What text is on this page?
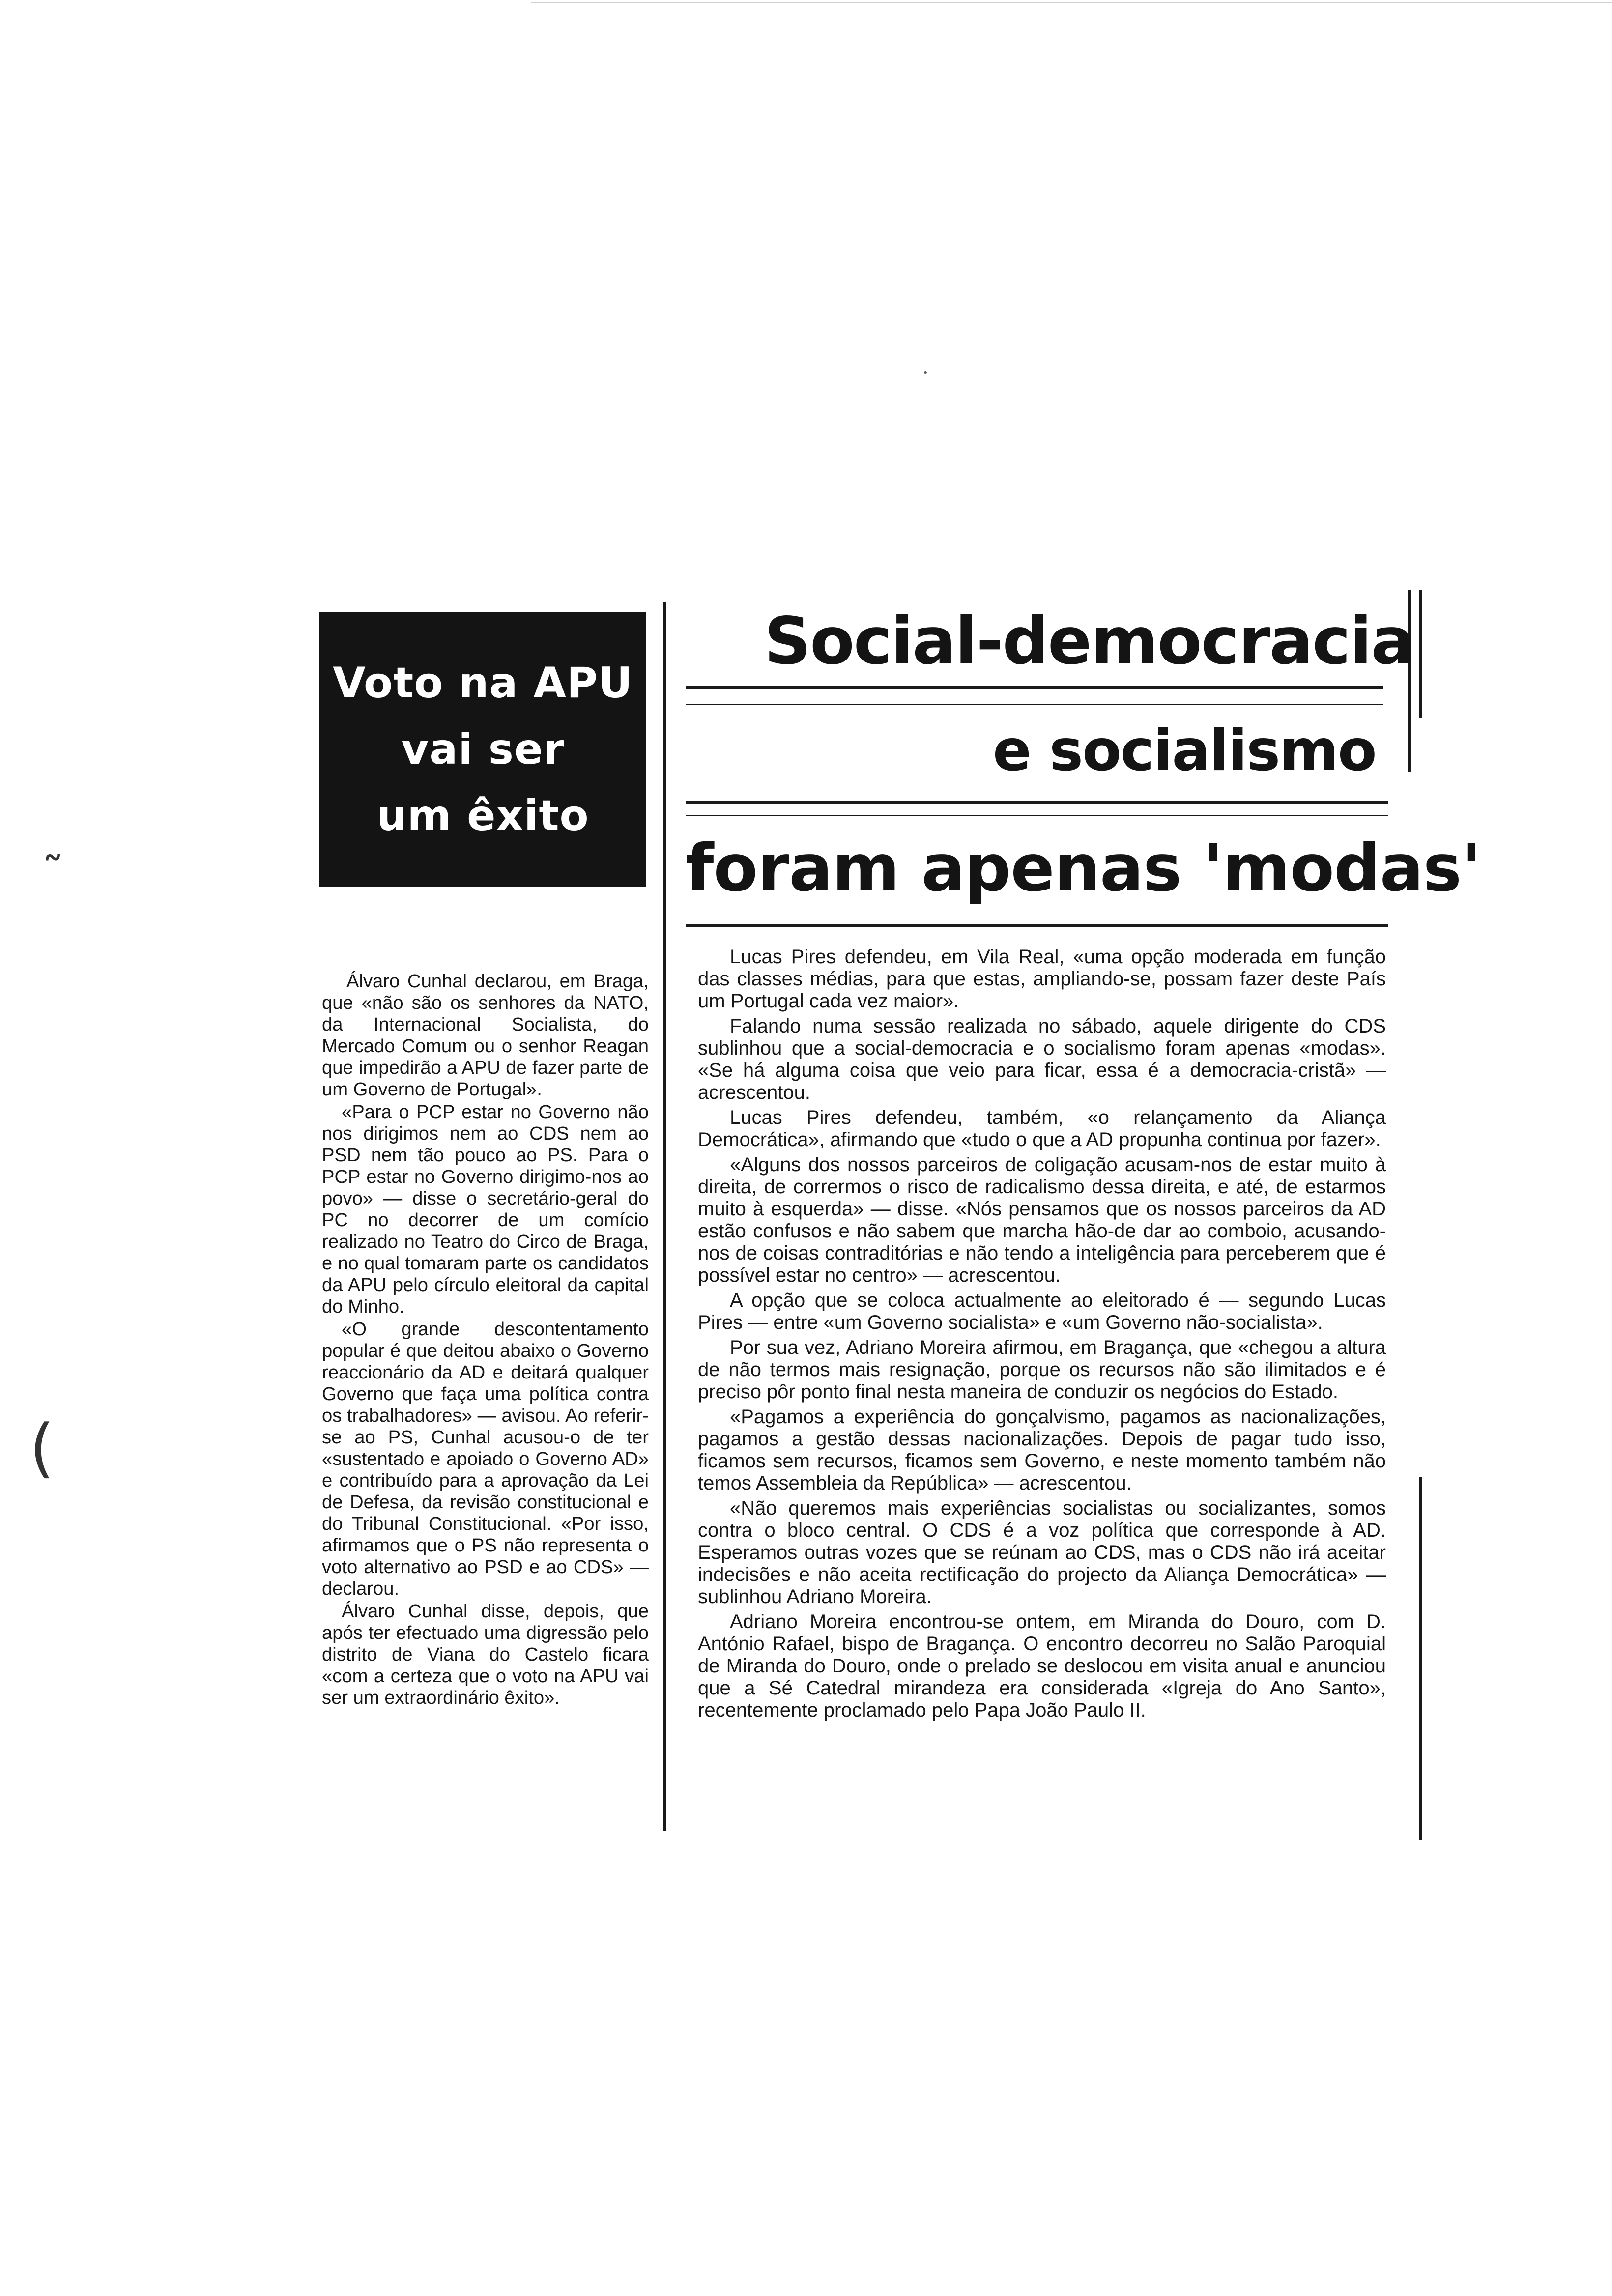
˷
(
Voto na APU
vai ser
um êxito

Álvaro Cunhal declarou, em Braga, que «não são os senhores da NATO, da Internacional Socialista, do Mercado Comum ou o senhor Reagan que impedirão a APU de fazer parte de um Governo de Portugal».

«Para o PCP estar no Governo não nos dirigimos nem ao CDS nem ao PSD nem tão pouco ao PS. Para o PCP estar no Governo dirigimo-nos ao povo» — disse o secretário-geral do PC no decorrer de um comício realizado no Teatro do Circo de Braga, e no qual tomaram parte os candidatos da APU pelo círculo eleitoral da capital do Minho.

«O grande descontentamento popular é que deitou abaixo o Governo reaccionário da AD e deitará qualquer Governo que faça uma política contra os trabalhadores» — avisou. Ao referir-se ao PS, Cunhal acusou-o de ter «sustentado e apoiado o Governo AD» e contribuído para a aprovação da Lei de Defesa, da revisão constitucional e do Tribunal Constitucional. «Por isso, afirmamos que o PS não representa o voto alternativo ao PSD e ao CDS» — declarou.

Álvaro Cunhal disse, depois, que após ter efectuado uma digressão pelo distrito de Viana do Castelo ficara «com a certeza que o voto na APU vai ser um extraordinário êxito».

Social-democracia
e socialismo
foram apenas 'modas'

Lucas Pires defendeu, em Vila Real, «uma opção moderada em função das classes médias, para que estas, ampliando-se, possam fazer deste País um Portugal cada vez maior».

Falando numa sessão realizada no sábado, aquele dirigente do CDS sublinhou que a social-democracia e o socialismo foram apenas «modas». «Se há alguma coisa que veio para ficar, essa é a democracia-cristã» — acrescentou.

Lucas Pires defendeu, também, «o relançamento da Aliança Democrática», afirmando que «tudo o que a AD propunha continua por fazer».

«Alguns dos nossos parceiros de coligação acusam-nos de estar muito à direita, de corrermos o risco de radicalismo dessa direita, e até, de estarmos muito à esquerda» — disse. «Nós pensamos que os nossos parceiros da AD estão confusos e não sabem que marcha hão-de dar ao comboio, acusando-nos de coisas contraditórias e não tendo a inteligência para perceberem que é possível estar no centro» — acrescentou.

A opção que se coloca actualmente ao eleitorado é — segundo Lucas Pires — entre «um Governo socialista» e «um Governo não-socialista».

Por sua vez, Adriano Moreira afirmou, em Bragança, que «chegou a altura de não termos mais resignação, porque os recursos não são ilimitados e é preciso pôr ponto final nesta maneira de conduzir os negócios do Estado.

«Pagamos a experiência do gonçalvismo, pagamos as nacionalizações, pagamos a gestão dessas nacionalizações. Depois de pagar tudo isso, ficamos sem recursos, ficamos sem Governo, e neste momento também não temos Assembleia da República» — acrescentou.

«Não queremos mais experiências socialistas ou socializantes, somos contra o bloco central. O CDS é a voz política que corresponde à AD. Esperamos outras vozes que se reúnam ao CDS, mas o CDS não irá aceitar indecisões e não aceita rectificação do projecto da Aliança Democrática» — sublinhou Adriano Moreira.

Adriano Moreira encontrou-se ontem, em Miranda do Douro, com D. António Rafael, bispo de Bragança. O encontro decorreu no Salão Paroquial de Miranda do Douro, onde o prelado se deslocou em visita anual e anunciou que a Sé Catedral mirandeza era considerada «Igreja do Ano Santo», recentemente proclamado pelo Papa João Paulo II.
